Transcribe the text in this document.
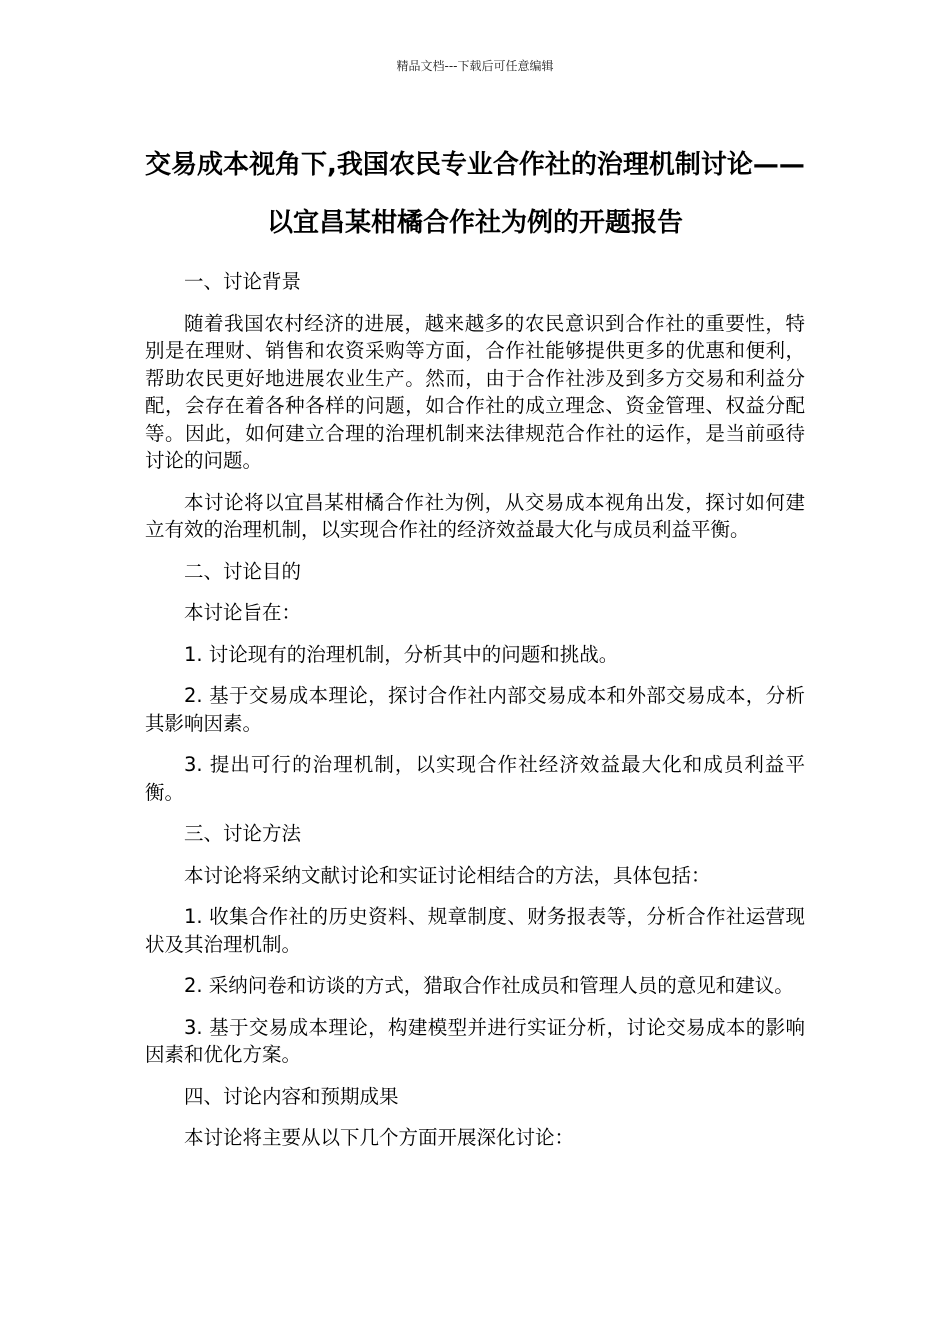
精品文档---下载后可任意编辑
交易成本视角下,我国农民专业合作社的治理机制讨论——以宜昌某柑橘合作社为例的开题报告

一、讨论背景

随着我国农村经济的进展，越来越多的农民意识到合作社的重要性，特别是在理财、销售和农资采购等方面，合作社能够提供更多的优惠和便利，帮助农民更好地进展农业生产。然而，由于合作社涉及到多方交易和利益分配，会存在着各种各样的问题，如合作社的成立理念、资金管理、权益分配等。因此，如何建立合理的治理机制来法律规范合作社的运作，是当前亟待讨论的问题。

本讨论将以宜昌某柑橘合作社为例，从交易成本视角出发，探讨如何建立有效的治理机制，以实现合作社的经济效益最大化与成员利益平衡。

二、讨论目的

本讨论旨在：

1. 讨论现有的治理机制，分析其中的问题和挑战。

2. 基于交易成本理论，探讨合作社内部交易成本和外部交易成本，分析其影响因素。

3. 提出可行的治理机制，以实现合作社经济效益最大化和成员利益平衡。

三、讨论方法

本讨论将采纳文献讨论和实证讨论相结合的方法，具体包括：

1. 收集合作社的历史资料、规章制度、财务报表等，分析合作社运营现状及其治理机制。

2. 采纳问卷和访谈的方式，猎取合作社成员和管理人员的意见和建议。

3. 基于交易成本理论，构建模型并进行实证分析，讨论交易成本的影响因素和优化方案。

四、讨论内容和预期成果

本讨论将主要从以下几个方面开展深化讨论：
